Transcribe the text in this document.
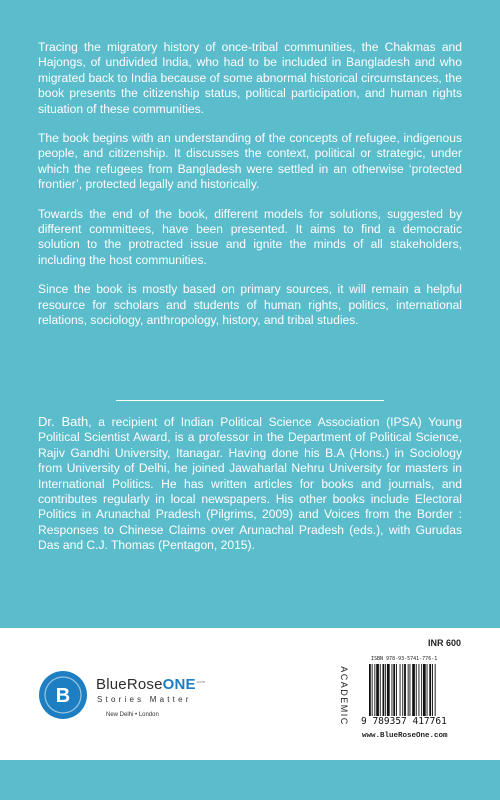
Tracing the migratory history of once-tribal communities, the Chakmas and Hajongs, of undivided India, who had to be included in Bangladesh and who migrated back to India because of some abnormal historical circumstances, the book presents the citizenship status, political participation, and human rights situation of these communities.

The book begins with an understanding of the concepts of refugee, indigenous people, and citizenship. It discusses the context, political or strategic, under which the refugees from Bangladesh were settled in an otherwise ‘protected frontier’, protected legally and historically.

Towards the end of the book, different models for solutions, suggested by different committees, have been presented. It aims to find a democratic solution to the protracted issue and ignite the minds of all stakeholders, including the host communities.

Since the book is mostly based on primary sources, it will remain a helpful resource for scholars and students of human rights, politics, international relations, sociology, anthropology, history, and tribal studies.

Dr. Bath, a recipient of Indian Political Science Association (IPSA) Young Political Scientist Award, is a professor in the Department of Political Science, Rajiv Gandhi University, Itanagar. Having done his B.A (Hons.) in Sociology from University of Delhi, he joined Jawaharlal Nehru University for masters in International Politics. He has written articles for books and journals, and contributes regularly in local newspapers. His other books include Electoral Politics in Arunachal Pradesh (Pilgrims, 2009) and Voices from the Border : Responses to Chinese Claims over Arunachal Pradesh (eds.), with Gurudas Das and C.J. Thomas (Pentagon, 2015).

B
BlueRoseONE$^{.com}$
Stories Matter
New Delhi • London
INR 600
ACADEMIC
ISBN 978-93-5741-776-1
9 789357 417761
www.BlueRoseOne.com
